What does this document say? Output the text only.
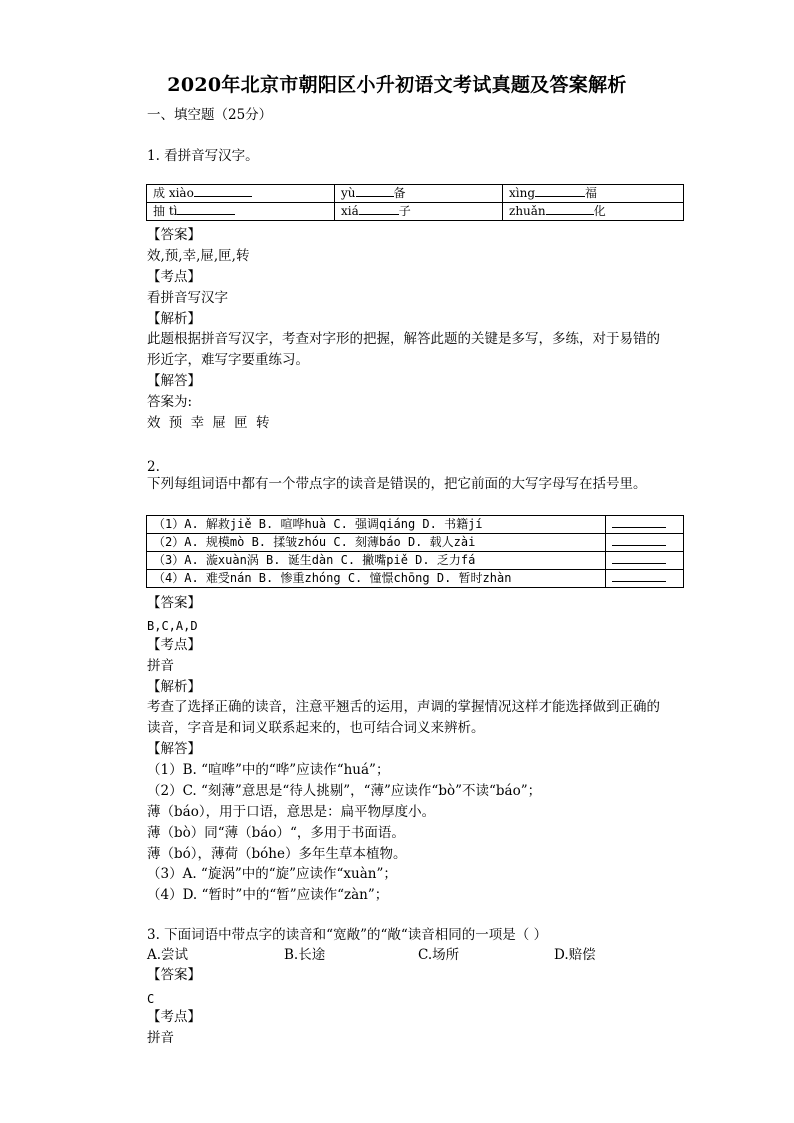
2020年北京市朝阳区小升初语文考试真题及答案解析
一、填空题（25分）
1. 看拼音写汉字。
成 xiào	yù 备	xìng 福
抽 tì	xiá 子	zhuǎn 化
【答案】
效,预,幸,屉,匣,转
【考点】
看拼音写汉字
【解析】
此题根据拼音写汉字，考查对字形的把握，解答此题的关键是多写，多练，对于易错的形近字，难写字要重练习。
【解答】
答案为:
效 预 幸 屉 匣 转
2.
下列每组词语中都有一个带点字的读音是错误的，把它前面的大写字母写在括号里。
（1）A. 解救jiě B. 喧哗huà C. 强调qiáng D. 书籍jí	
（2）A. 规模mò B. 揉皱zhóu C. 刻薄báo D. 载人zài	
（3）A. 漩xuàn涡 B. 诞生dàn C. 撇嘴piě D. 乏力fá	
（4）A. 难受nán B. 惨重zhóng C. 憧憬chōng D. 暂时zhàn	
【答案】
B,C,A,D
【考点】
拼音
【解析】
考查了选择正确的读音，注意平翘舌的运用，声调的掌握情况这样才能选择做到正确的读音，字音是和词义联系起来的，也可结合词义来辨析。
【解答】
（1）B. “喧哗”中的“哗”应读作“huá”；
（2）C. “刻薄”意思是“待人挑剔”，“薄”应读作“bò”不读“báo”；
薄（báo），用于口语，意思是：扁平物厚度小。
薄（bò）同“薄（báo）“，多用于书面语。
薄（bó），薄荷（bóhe）多年生草本植物。
（3）A. “旋涡”中的“旋”应读作“xuàn”；
（4）D. “暂时”中的“暂”应读作“zàn”；
3. 下面词语中带点字的读音和“宽敞”的“敞“读音相同的一项是（ ）
A.尝试	B.长途	C.场所	D.赔偿
【答案】
C
【考点】
拼音
